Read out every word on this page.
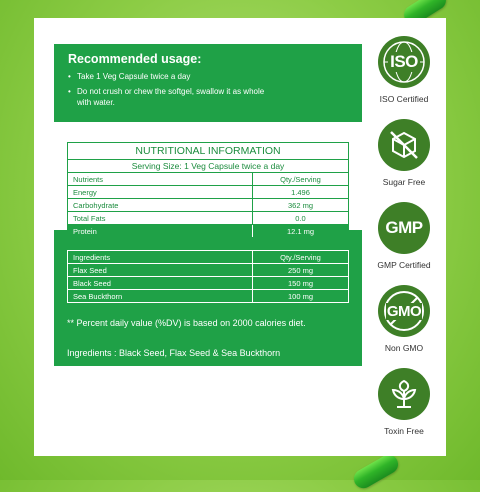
Recommended usage:
• Take 1 Veg Capsule twice a day
• Do not crush or chew the softgel, swallow it as whole
with water.
NUTRITIONAL INFORMATION
Serving Size: 1 Veg Capsule twice a day
Nutrients	Qty./Serving
Energy	1.496
Carbohydrate	362 mg
Total Fats	0.0
Protein	12.1 mg
Ingredients	Qty./Serving
Flax Seed	250 mg
Black Seed	150 mg
Sea Buckthorn	100 mg
** Percent daily value (%DV) is based on 2000 calories diet.
Ingredients : Black Seed, Flax Seed & Sea Buckthorn
ISO
ISO Certified
Sugar Free
GMP
GMP Certified
GMO
Non GMO
Toxin Free
